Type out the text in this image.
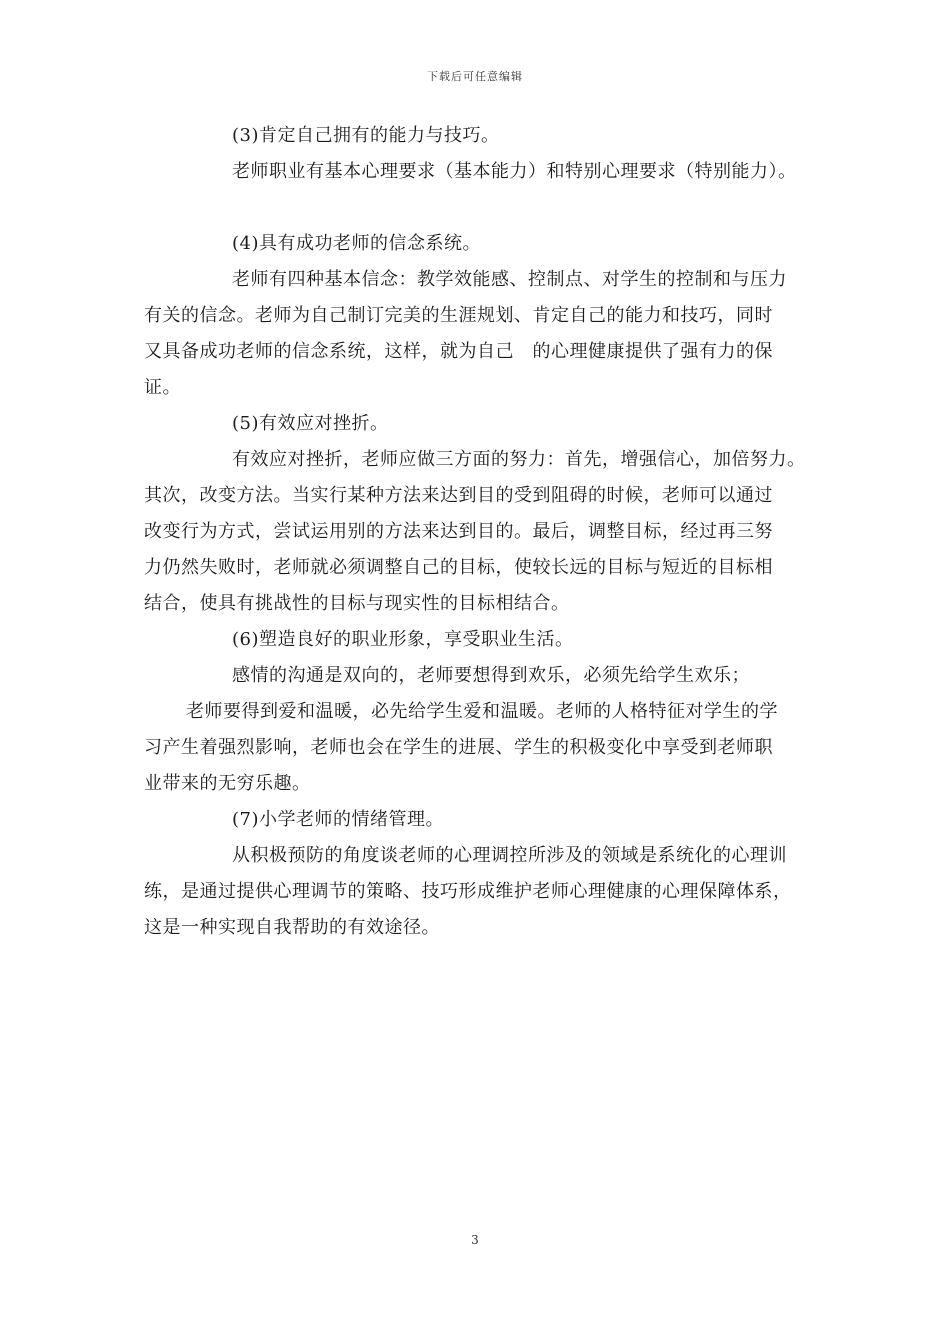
下载后可任意编辑
(3)肯定自己拥有的能力与技巧。
老师职业有基本心理要求（基本能力）和特别心理要求（特别能力）。
(4)具有成功老师的信念系统。
老师有四种基本信念：教学效能感、控制点、对学生的控制和与压力
有关的信念。老师为自己制订完美的生涯规划、肯定自己的能力和技巧，同时
又具备成功老师的信念系统，这样，就为自己　的心理健康提供了强有力的保
证。
(5)有效应对挫折。
有效应对挫折，老师应做三方面的努力：首先，增强信心，加倍努力。
其次，改变方法。当实行某种方法来达到目的受到阻碍的时候，老师可以通过
改变行为方式，尝试运用别的方法来达到目的。最后，调整目标，经过再三努
力仍然失败时，老师就必须调整自己的目标，使较长远的目标与短近的目标相
结合，使具有挑战性的目标与现实性的目标相结合。
(6)塑造良好的职业形象，享受职业生活。
感情的沟通是双向的，老师要想得到欢乐，必须先给学生欢乐；
老师要得到爱和温暖，必先给学生爱和温暖。老师的人格特征对学生的学
习产生着强烈影响，老师也会在学生的进展、学生的积极变化中享受到老师职
业带来的无穷乐趣。
(7)小学老师的情绪管理。
从积极预防的角度谈老师的心理调控所涉及的领域是系统化的心理训
练，是通过提供心理调节的策略、技巧形成维护老师心理健康的心理保障体系，
这是一种实现自我帮助的有效途径。
3
